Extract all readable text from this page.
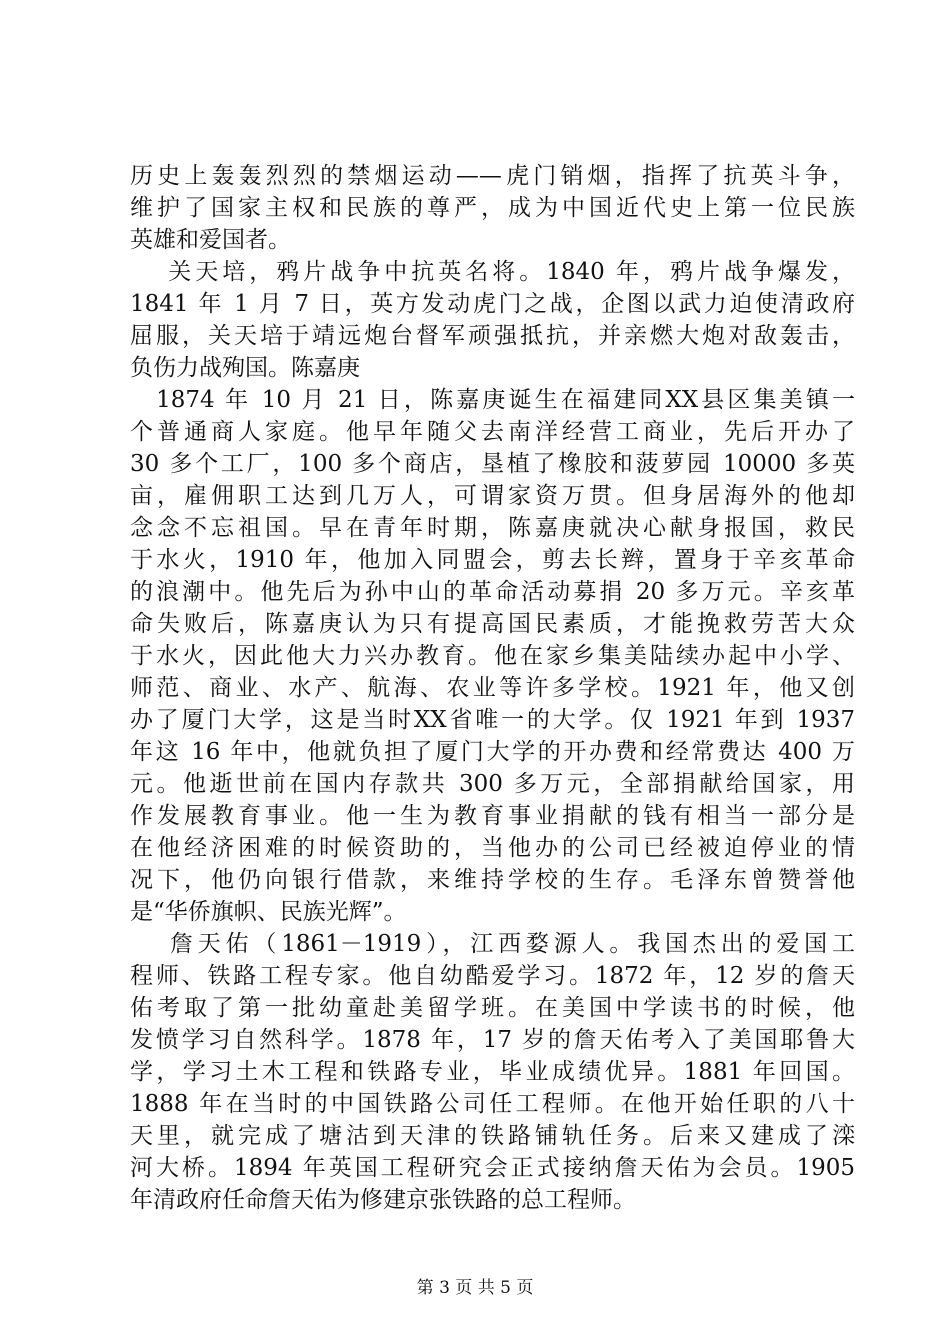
历史上轰轰烈烈的禁烟运动——虎门销烟，指挥了抗英斗争，
维护了国家主权和民族的尊严，成为中国近代史上第一位民族
英雄和爱国者。
　 关天培，鸦片战争中抗英名将。1840 年，鸦片战争爆发，
1841 年 1 月 7 日，英方发动虎门之战，企图以武力迫使清政府
屈服，关天培于靖远炮台督军顽强抵抗，并亲燃大炮对敌轰击，
负伤力战殉国。陈嘉庚
　1874 年 10 月 21 日，陈嘉庚诞生在福建同XX县区集美镇一
个普通商人家庭。他早年随父去南洋经营工商业，先后开办了
30 多个工厂，100 多个商店，垦植了橡胶和菠萝园 10000 多英
亩，雇佣职工达到几万人，可谓家资万贯。但身居海外的他却
念念不忘祖国。早在青年时期，陈嘉庚就决心献身报国，救民
于水火，1910 年，他加入同盟会，剪去长辫，置身于辛亥革命
的浪潮中。他先后为孙中山的革命活动募捐 20 多万元。辛亥革
命失败后，陈嘉庚认为只有提高国民素质，才能挽救劳苦大众
于水火，因此他大力兴办教育。他在家乡集美陆续办起中小学、
师范、商业、水产、航海、农业等许多学校。1921 年，他又创
办了厦门大学，这是当时XX省唯一的大学。仅 1921 年到 1937
年这 16 年中，他就负担了厦门大学的开办费和经常费达 400 万
元。他逝世前在国内存款共 300 多万元，全部捐献给国家，用
作发展教育事业。他一生为教育事业捐献的钱有相当一部分是
在他经济困难的时候资助的，当他办的公司已经被迫停业的情
况下，他仍向银行借款，来维持学校的生存。毛泽东曾赞誉他
是“华侨旗帜、民族光辉”。
　 詹天佑（1861－1919），江西婺源人。我国杰出的爱国工
程师、铁路工程专家。他自幼酷爱学习。1872 年，12 岁的詹天
佑考取了第一批幼童赴美留学班。在美国中学读书的时候，他
发愤学习自然科学。1878 年，17 岁的詹天佑考入了美国耶鲁大
学，学习土木工程和铁路专业，毕业成绩优异。1881 年回国。
1888 年在当时的中国铁路公司任工程师。在他开始任职的八十
天里，就完成了塘沽到天津的铁路铺轨任务。后来又建成了滦
河大桥。1894 年英国工程研究会正式接纳詹天佑为会员。1905
年清政府任命詹天佑为修建京张铁路的总工程师。
第 3 页 共 5 页
